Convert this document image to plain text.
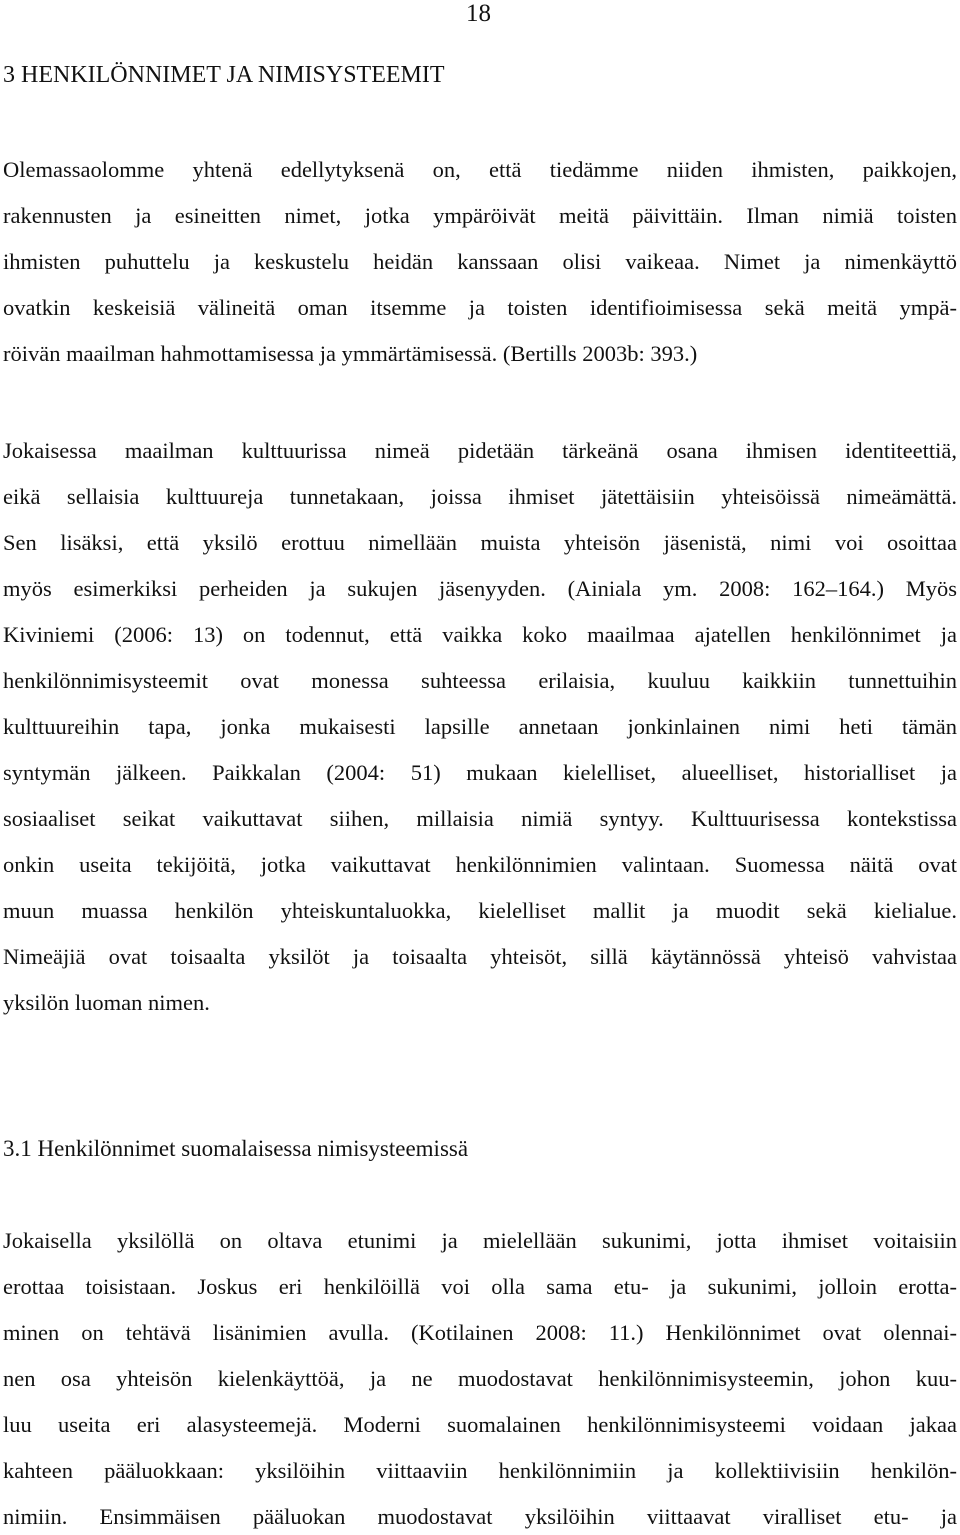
18
3 HENKILÖNNIMET JA NIMISYSTEEMIT
Olemassaolomme yhtenä edellytyksenä on, että tiedämme niiden ihmisten, paikkojen,
rakennusten ja esineitten nimet, jotka ympäröivät meitä päivittäin. Ilman nimiä toisten
ihmisten puhuttelu ja keskustelu heidän kanssaan olisi vaikeaa. Nimet ja nimenkäyttö
ovatkin keskeisiä välineitä oman itsemme ja toisten identifioimisessa sekä meitä ympä-
röivän maailman hahmottamisessa ja ymmärtämisessä. (Bertills 2003b: 393.)
Jokaisessa maailman kulttuurissa nimeä pidetään tärkeänä osana ihmisen identiteettiä,
eikä sellaisia kulttuureja tunnetakaan, joissa ihmiset jätettäisiin yhteisöissä nimeämättä.
Sen lisäksi, että yksilö erottuu nimellään muista yhteisön jäsenistä, nimi voi osoittaa
myös esimerkiksi perheiden ja sukujen jäsenyyden. (Ainiala ym. 2008: 162–164.) Myös
Kiviniemi (2006: 13) on todennut, että vaikka koko maailmaa ajatellen henkilönnimet ja
henkilönnimisysteemit ovat monessa suhteessa erilaisia, kuuluu kaikkiin tunnettuihin
kulttuureihin tapa, jonka mukaisesti lapsille annetaan jonkinlainen nimi heti tämän
syntymän jälkeen. Paikkalan (2004: 51) mukaan kielelliset, alueelliset, historialliset ja
sosiaaliset seikat vaikuttavat siihen, millaisia nimiä syntyy. Kulttuurisessa kontekstissa
onkin useita tekijöitä, jotka vaikuttavat henkilönnimien valintaan. Suomessa näitä ovat
muun muassa henkilön yhteiskuntaluokka, kielelliset mallit ja muodit sekä kielialue.
Nimeäjiä ovat toisaalta yksilöt ja toisaalta yhteisöt, sillä käytännössä yhteisö vahvistaa
yksilön luoman nimen.
3.1 Henkilönnimet suomalaisessa nimisysteemissä
Jokaisella yksilöllä on oltava etunimi ja mielellään sukunimi, jotta ihmiset voitaisiin
erottaa toisistaan. Joskus eri henkilöillä voi olla sama etu- ja sukunimi, jolloin erotta-
minen on tehtävä lisänimien avulla. (Kotilainen 2008: 11.) Henkilönnimet ovat olennai-
nen osa yhteisön kielenkäyttöä, ja ne muodostavat henkilönnimisysteemin, johon kuu-
luu useita eri alasysteemejä. Moderni suomalainen henkilönnimisysteemi voidaan jakaa
kahteen pääluokkaan: yksilöihin viittaaviin henkilönnimiin ja kollektiivisiin henkilön-
nimiin. Ensimmäisen pääluokan muodostavat yksilöihin viittaavat viralliset etu- ja
